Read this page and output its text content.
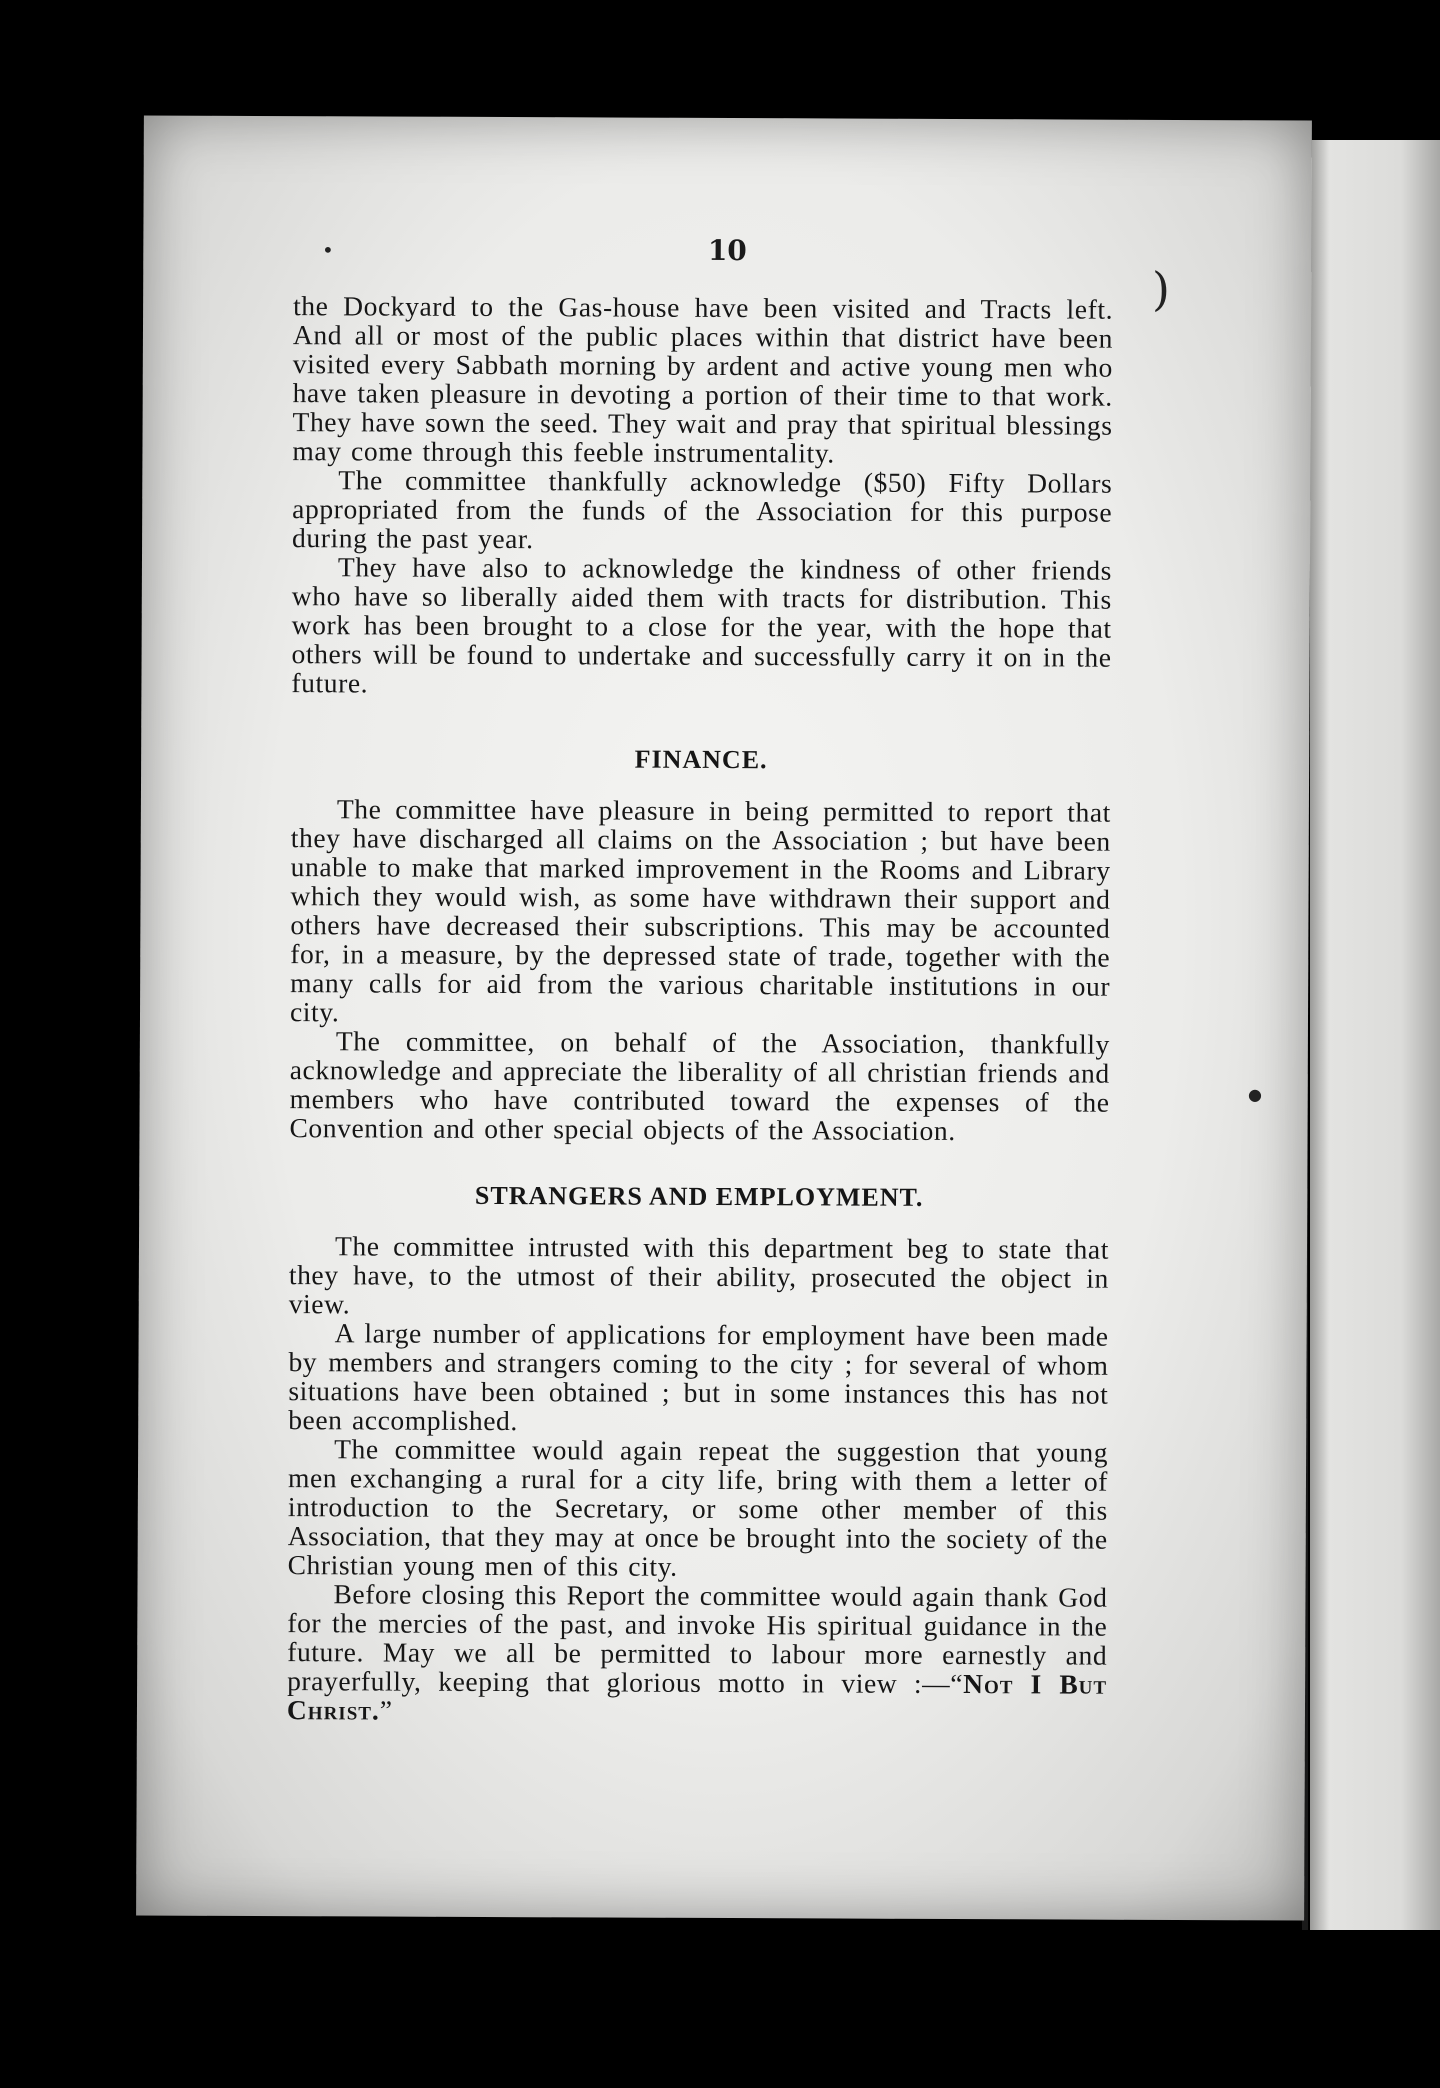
10

the Dockyard to the Gas-house have been visited and Tracts left. And all or most of the public places within that district have been visited every Sabbath morning by ardent and active young men who have taken pleasure in devoting a portion of their time to that work. They have sown the seed. They wait and pray that spiritual blessings may come through this feeble instrumentality.

The committee thankfully acknowledge ($50) Fifty Dollars appropriated from the funds of the Association for this purpose during the past year.

They have also to acknowledge the kindness of other friends who have so liberally aided them with tracts for distribution. This work has been brought to a close for the year, with the hope that others will be found to undertake and successfully carry it on in the future.

FINANCE.

The committee have pleasure in being permitted to report that they have discharged all claims on the Association ; but have been unable to make that marked improvement in the Rooms and Library which they would wish, as some have withdrawn their support and others have decreased their subscriptions. This may be accounted for, in a measure, by the depressed state of trade, together with the many calls for aid from the various charitable institutions in our city.

The committee, on behalf of the Association, thankfully acknowledge and appreciate the liberality of all christian friends and members who have contributed toward the expenses of the Convention and other special objects of the Association.

STRANGERS AND EMPLOYMENT.

The committee intrusted with this department beg to state that they have, to the utmost of their ability, prosecuted the object in view.

A large number of applications for employment have been made by members and strangers coming to the city ; for several of whom situations have been obtained ; but in some instances this has not been accomplished.

The committee would again repeat the suggestion that young men exchanging a rural for a city life, bring with them a letter of introduction to the Secretary, or some other member of this Association, that they may at once be brought into the society of the Christian young men of this city.

Before closing this Report the committee would again thank God for the mercies of the past, and invoke His spiritual guidance in the future. May we all be permitted to labour more earnestly and prayerfully, keeping that glorious motto in view :—“Not I But Christ.”

•
)
●
